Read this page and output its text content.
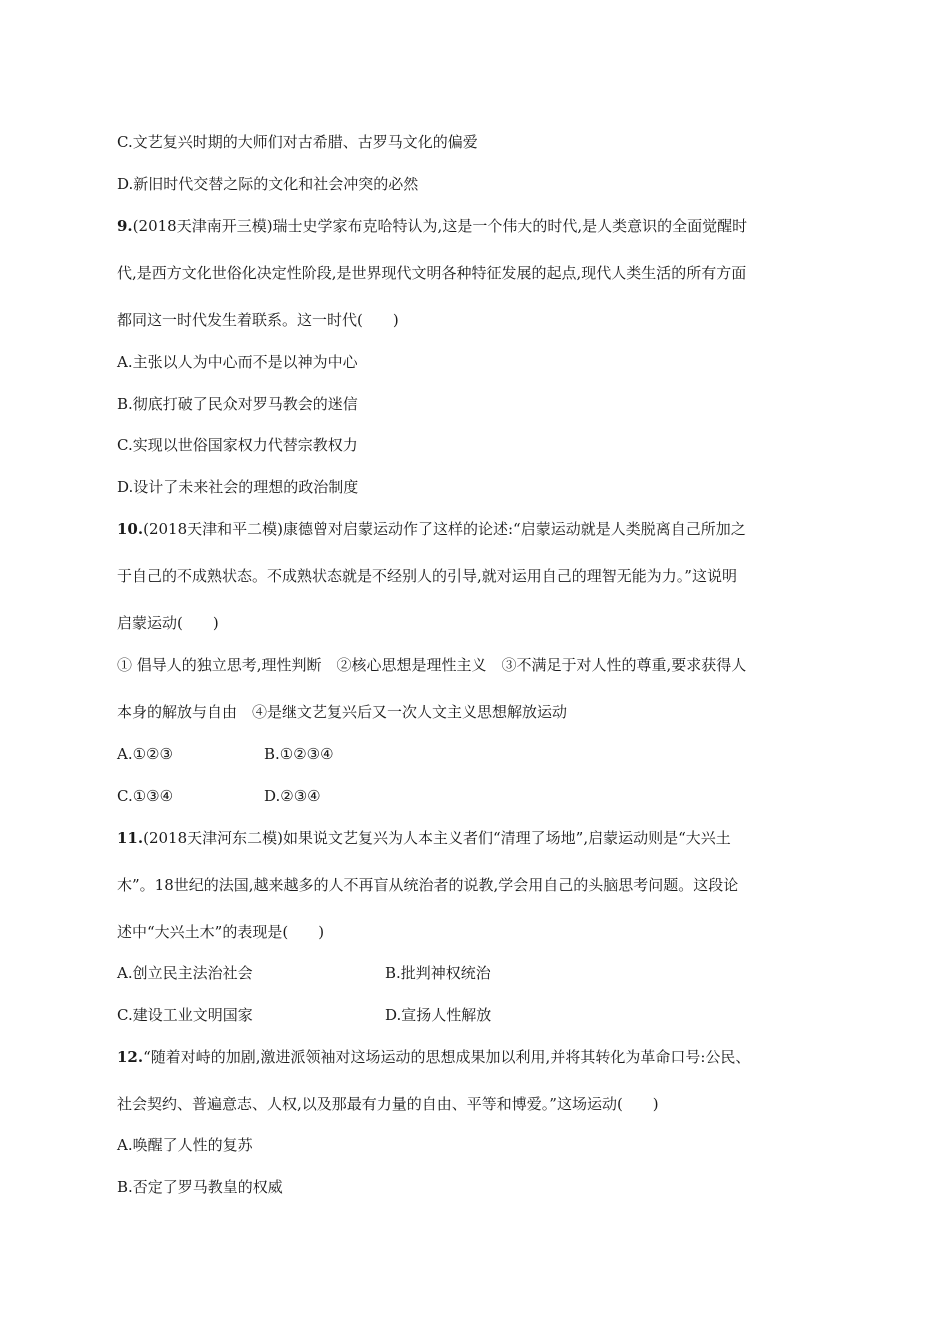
C.文艺复兴时期的大师们对古希腊、古罗马文化的偏爱
D.新旧时代交替之际的文化和社会冲突的必然
9.(2018天津南开三模)瑞士史学家布克哈特认为,这是一个伟大的时代,是人类意识的全面觉醒时
代,是西方文化世俗化决定性阶段,是世界现代文明各种特征发展的起点,现代人类生活的所有方面
都同这一时代发生着联系。这一时代(　　)
A.主张以人为中心而不是以神为中心
B.彻底打破了民众对罗马教会的迷信
C.实现以世俗国家权力代替宗教权力
D.设计了未来社会的理想的政治制度
10.(2018天津和平二模)康德曾对启蒙运动作了这样的论述:“启蒙运动就是人类脱离自己所加之
于自己的不成熟状态。不成熟状态就是不经别人的引导,就对运用自己的理智无能为力。”这说明
启蒙运动(　　)
① 倡导人的独立思考,理性判断　②核心思想是理性主义　③不满足于对人性的尊重,要求获得人
本身的解放与自由　④是继文艺复兴后又一次人文主义思想解放运动
A.①②③	B.①②③④
C.①③④	D.②③④
11.(2018天津河东二模)如果说文艺复兴为人本主义者们“清理了场地”,启蒙运动则是“大兴土
木”。18世纪的法国,越来越多的人不再盲从统治者的说教,学会用自己的头脑思考问题。这段论
述中“大兴土木”的表现是(　　)
A.创立民主法治社会	B.批判神权统治
C.建设工业文明国家	D.宣扬人性解放
12.“随着对峙的加剧,激进派领袖对这场运动的思想成果加以利用,并将其转化为革命口号:公民、
社会契约、普遍意志、人权,以及那最有力量的自由、平等和博爱。”这场运动(　　)
A.唤醒了人性的复苏
B.否定了罗马教皇的权威
